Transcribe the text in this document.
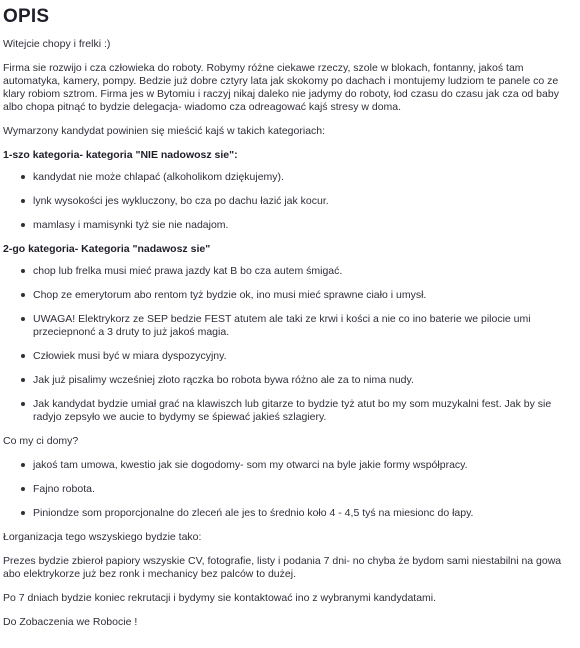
OPIS

Witejcie chopy i frelki :)

Firma sie rozwijo i cza człowieka do roboty. Robymy różne ciekawe rzeczy, szole w blokach, fontanny, jakoś tam automatyka, kamery, pompy. Bedzie już dobre cztyry lata jak skokomy po dachach i montujemy ludziom te panele co ze klary robiom sztrom. Firma jes w Bytomiu i raczyj nikaj daleko nie jadymy do roboty, łod czasu do czasu jak cza od baby albo chopa pitnąć to bydzie delegacja- wiadomo cza odreagować kajś stresy w doma.

Wymarzony kandydat powinien się mieścić kajś w takich kategoriach:

1-szo kategoria- kategoria "NIE nadowosz sie":
kandydat nie może chlapać (alkoholikom dziękujemy).
lynk wysokości jes wykluczony, bo cza po dachu łazić jak kocur.
mamlasy i mamisynki tyż sie nie nadajom.
2-go kategoria- Kategoria "nadawosz sie"
chop lub frelka musi mieć prawa jazdy kat B bo cza autem śmigać.
Chop ze emerytorum abo rentom tyż bydzie ok, ino musi mieć sprawne ciało i umysł.
UWAGA! Elektrykorz ze SEP bedzie FEST atutem ale taki ze krwi i kości a nie co ino baterie we pilocie umi przeciepnonć a 3 druty to już jakoś magia.
Człowiek musi być w miara dyspozycyjny.
Jak już pisalimy wcześniej złoto rączka bo robota bywa różno ale za to nima nudy.
Jak kandydat bydzie umiał grać na klawiszch lub gitarze to bydzie tyż atut bo my som muzykalni fest. Jak by sie radyjo zepsyło we aucie to bydymy se śpiewać jakieś szlagiery.

Co my ci domy?

jakoś tam umowa, kwestio jak sie dogodomy- som my otwarci na byle jakie formy współpracy.
Fajno robota.
Piniondze som proporcjonalne do zleceń ale jes to średnio koło 4 - 4,5 tyś na miesionc do łapy.

Łorganizacja tego wszyskiego bydzie tako:

Prezes bydzie zbieroł papiory wszyskie CV, fotografie, listy i podania 7 dni- no chyba że bydom sami niestabilni na gowa abo elektrykorze już bez ronk i mechanicy bez palców to dużej.

Po 7 dniach bydzie koniec rekrutacji i bydymy sie kontaktować ino z wybranymi kandydatami.

Do Zobaczenia we Robocie !
